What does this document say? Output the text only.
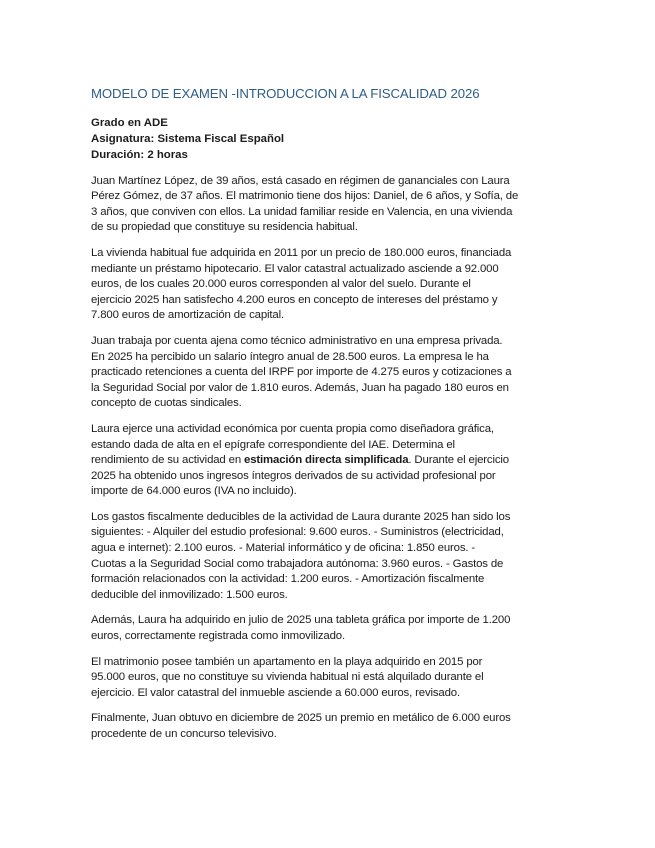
MODELO DE EXAMEN -INTRODUCCION A LA FISCALIDAD 2026
Grado en ADE
Asignatura: Sistema Fiscal Español
Duración: 2 horas
Juan Martínez López, de 39 años, está casado en régimen de gananciales con Laura
Pérez Gómez, de 37 años. El matrimonio tiene dos hijos: Daniel, de 6 años, y Sofía, de
3 años, que conviven con ellos. La unidad familiar reside en Valencia, en una vivienda
de su propiedad que constituye su residencia habitual.
La vivienda habitual fue adquirida en 2011 por un precio de 180.000 euros, financiada
mediante un préstamo hipotecario. El valor catastral actualizado asciende a 92.000
euros, de los cuales 20.000 euros corresponden al valor del suelo. Durante el
ejercicio 2025 han satisfecho 4.200 euros en concepto de intereses del préstamo y
7.800 euros de amortización de capital.
Juan trabaja por cuenta ajena como técnico administrativo en una empresa privada.
En 2025 ha percibido un salario íntegro anual de 28.500 euros. La empresa le ha
practicado retenciones a cuenta del IRPF por importe de 4.275 euros y cotizaciones a
la Seguridad Social por valor de 1.810 euros. Además, Juan ha pagado 180 euros en
concepto de cuotas sindicales.
Laura ejerce una actividad económica por cuenta propia como diseñadora gráfica,
estando dada de alta en el epígrafe correspondiente del IAE. Determina el
rendimiento de su actividad en estimación directa simplificada. Durante el ejercicio
2025 ha obtenido unos ingresos íntegros derivados de su actividad profesional por
importe de 64.000 euros (IVA no incluido).
Los gastos fiscalmente deducibles de la actividad de Laura durante 2025 han sido los
siguientes: - Alquiler del estudio profesional: 9.600 euros. - Suministros (electricidad,
agua e internet): 2.100 euros. - Material informático y de oficina: 1.850 euros. -
Cuotas a la Seguridad Social como trabajadora autónoma: 3.960 euros. - Gastos de
formación relacionados con la actividad: 1.200 euros. - Amortización fiscalmente
deducible del inmovilizado: 1.500 euros.
Además, Laura ha adquirido en julio de 2025 una tableta gráfica por importe de 1.200
euros, correctamente registrada como inmovilizado.
El matrimonio posee también un apartamento en la playa adquirido en 2015 por
95.000 euros, que no constituye su vivienda habitual ni está alquilado durante el
ejercicio. El valor catastral del inmueble asciende a 60.000 euros, revisado.
Finalmente, Juan obtuvo en diciembre de 2025 un premio en metálico de 6.000 euros
procedente de un concurso televisivo.
